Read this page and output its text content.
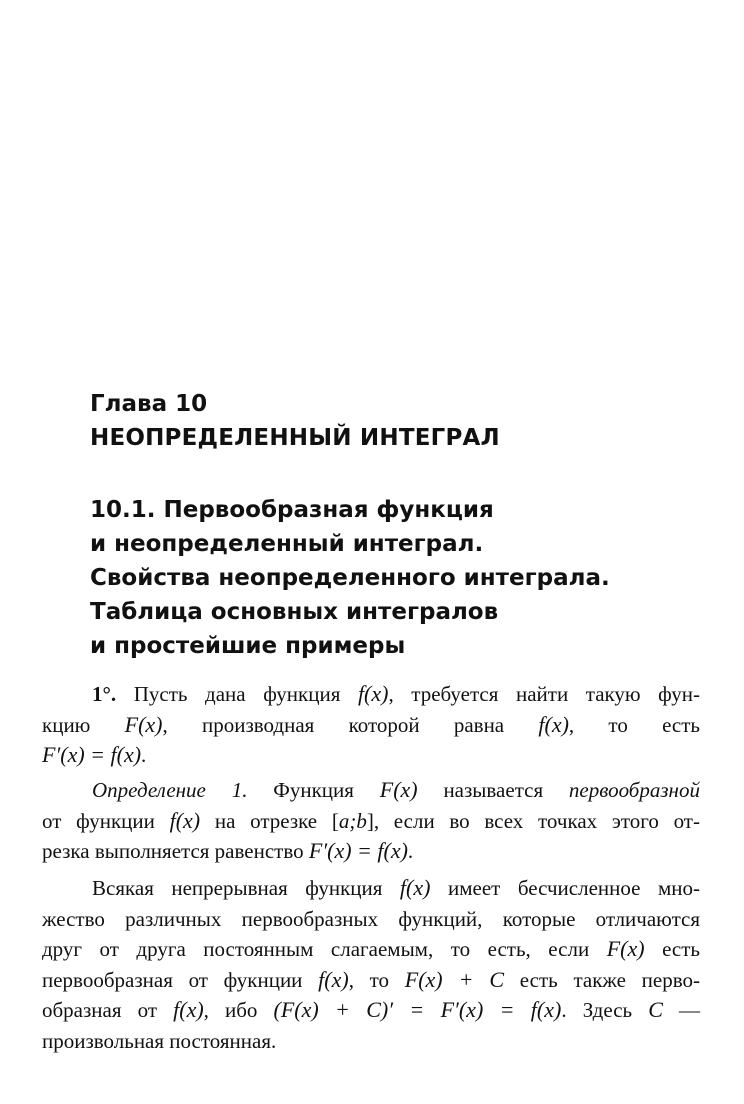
Глава 10
НЕОПРЕДЕЛЕННЫЙ ИНТЕГРАЛ
10.1. Первообразная функция
и неопределенный интеграл.
Свойства неопределенного интеграла.
Таблица основных интегралов
и простейшие примеры
1°. Пусть дана функция f(x), требуется найти такую фун-
кцию F(x), производная которой равна f(x), то есть
F′(x) = f(x).
Определение 1. Функция F(x) называется первообразной
от функции f(x) на отрезке [a;b], если во всех точках этого от-
резка выполняется равенство F′(x) = f(x).
Всякая непрерывная функция f(x) имеет бесчисленное мно-
жество различных первообразных функций, которые отличаются
друг от друга постоянным слагаемым, то есть, если F(x) есть
первообразная от фукнции f(x), то F(x) + C есть также перво-
образная от f(x), ибо (F(x) + C)′ = F′(x) = f(x). Здесь C —
произвольная постоянная.
